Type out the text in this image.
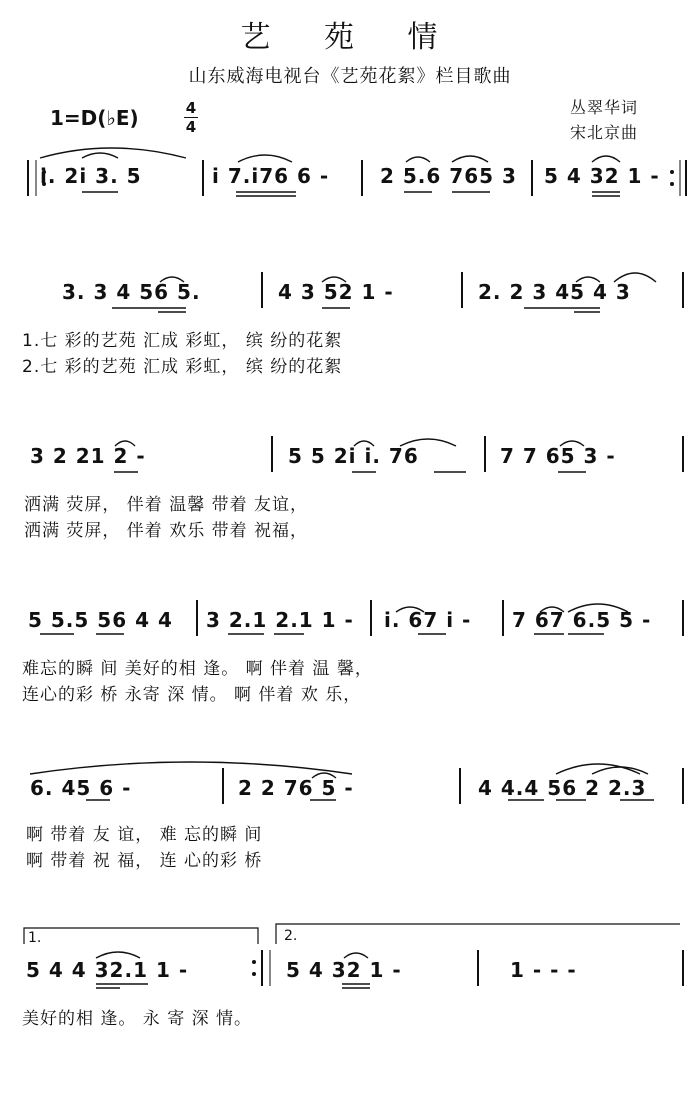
艺 苑 情
山东威海电视台《艺苑花絮》栏目歌曲
1=D(♭E)	4
4
丛翠华词
宋北京曲
i. 2i 3. 5	i 7.i76 6 -	2 5.6 765 3 5 4 32 1 -
3. 3 4 56 5.	4 3 52 1 -	2. 2 3 45 4 3
1.七 彩的艺苑 汇成 彩虹， 缤 纷的花絮
2.七 彩的艺苑 汇成 彩虹， 缤 纷的花絮
3 2 21 2 -	5 5 2i i. 76	7 7 65 3 -
洒满 荧屏， 伴着 温馨 带着 友谊，
洒满 荧屏， 伴着 欢乐 带着 祝福，
5 5.5 56 4 4 3 2.1 2.1 1 - i. 67 i - 7 67 6.5 5 -
难忘的瞬 间 美好的相 逢。 啊 伴着 温 馨，
连心的彩 桥 永寄 深 情。 啊 伴着 欢 乐，
6. 45 6 -	2 2 76 5 -	4 4.4 56 2 2.3
啊 带着 友 谊， 难 忘的瞬 间
啊 带着 祝 福， 连 心的彩 桥
1.	2.
5 4 4 32.1 1 -	5 4 32 1 -	1 - - -
美好的相 逢。 永 寄 深 情。
